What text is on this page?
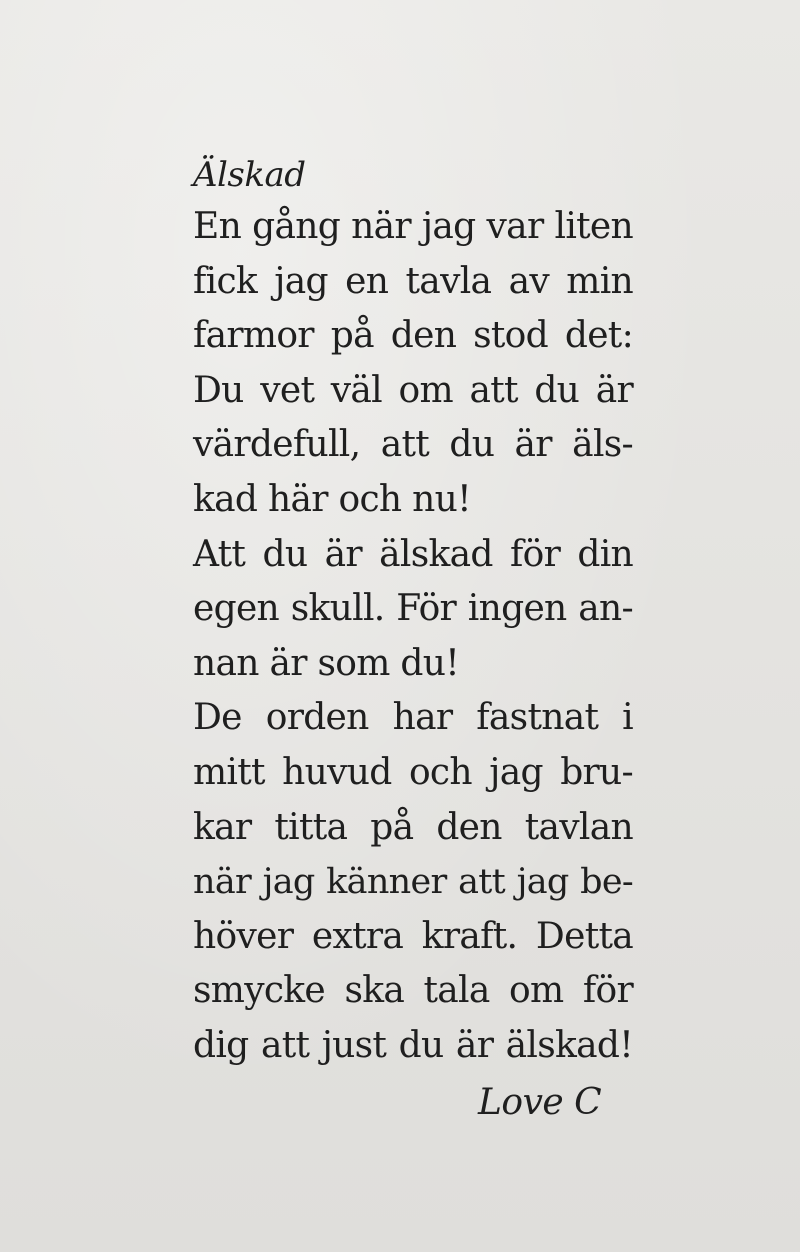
Älskad
En gång när jag var liten
fick jag en tavla av min
farmor på den stod det:
Du vet väl om att du är
värdefull, att du är äls-
kad här och nu!
Att du är älskad för din
egen skull. För ingen an-
nan är som du!
De orden har fastnat i
mitt huvud och jag bru-
kar titta på den tavlan
när jag känner att jag be-
höver extra kraft. Detta
smycke ska tala om för
dig att just du är älskad!
Love C
